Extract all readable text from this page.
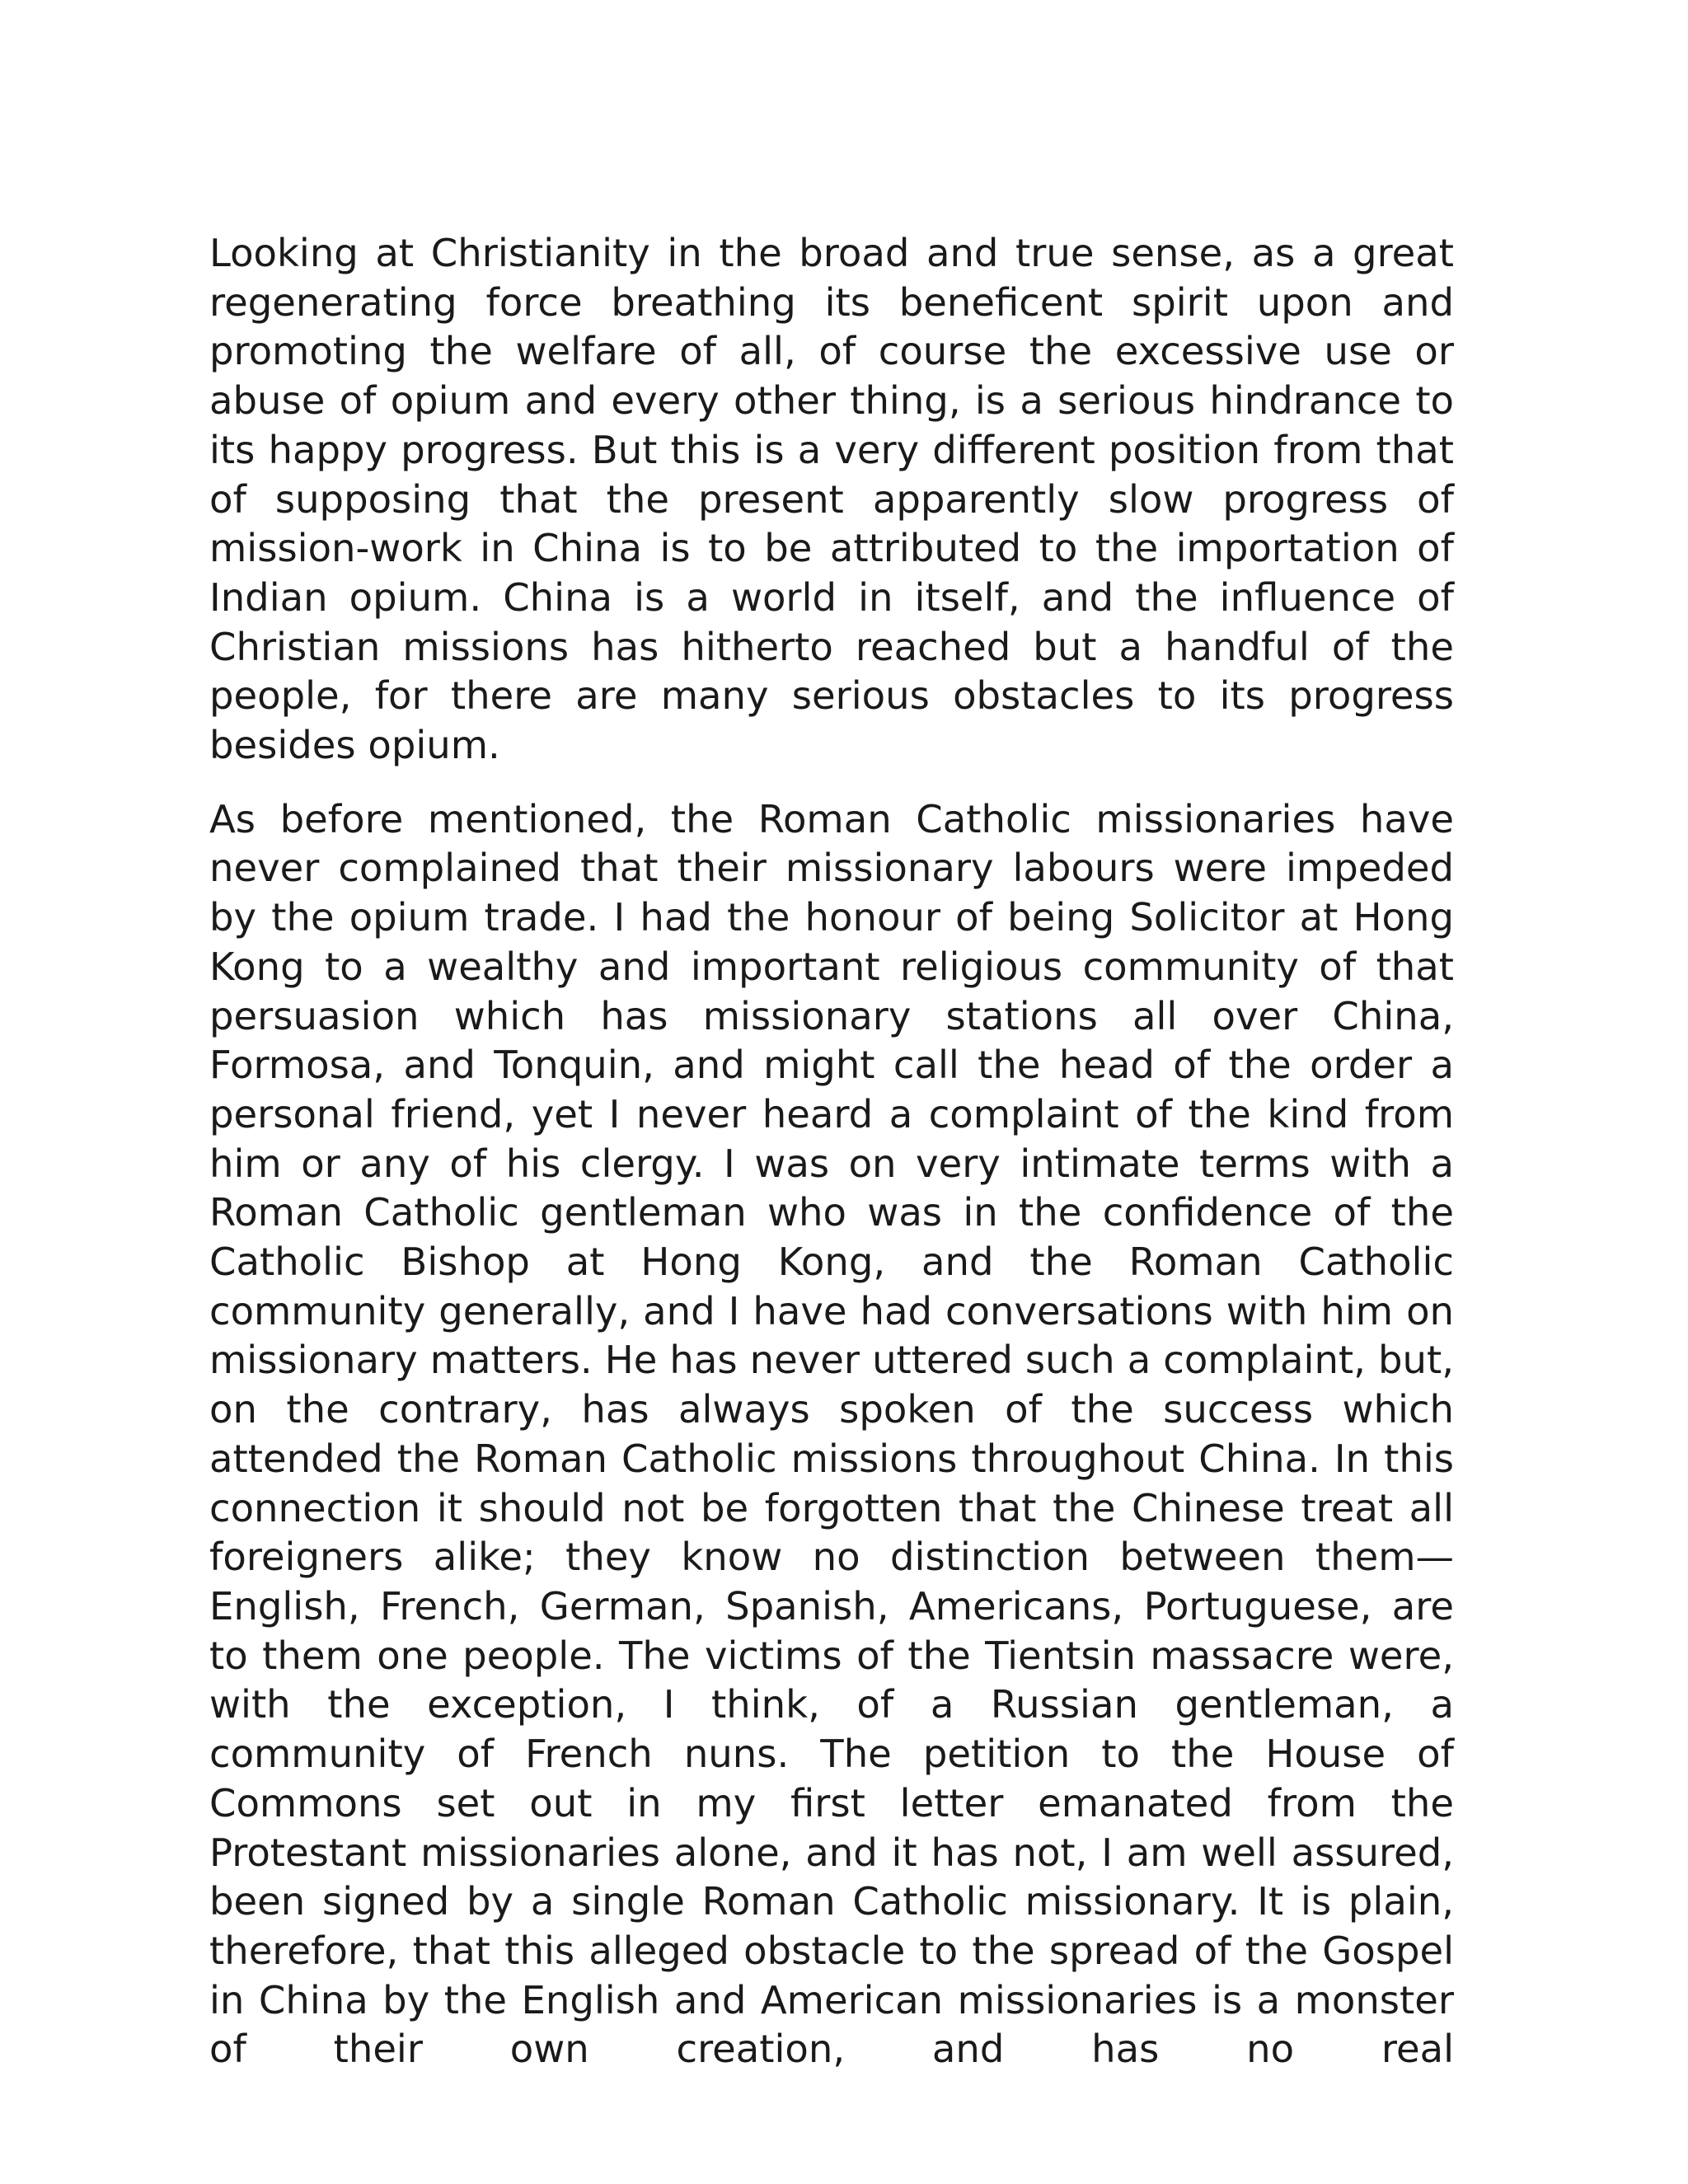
Looking at Christianity in the broad and true sense, as a great regenerating force breathing its beneficent spirit upon and promoting the welfare of all, of course the excessive use or abuse of opium and every other thing, is a serious hindrance to its happy progress. But this is a very different position from that of supposing that the present apparently slow progress of mission-work in China is to be attributed to the importation of Indian opium. China is a world in itself, and the influence of Christian missions has hitherto reached but a handful of the people, for there are many serious obstacles to its progress besides opium.

As before mentioned, the Roman Catholic missionaries have never complained that their missionary labours were impeded by the opium trade. I had the honour of being Solicitor at Hong Kong to a wealthy and important religious community of that persuasion which has missionary stations all over China, Formosa, and Tonquin, and might call the head of the order a personal friend, yet I never heard a complaint of the kind from him or any of his clergy. I was on very intimate terms with a Roman Catholic gentleman who was in the confidence of the Catholic Bishop at Hong Kong, and the Roman Catholic community generally, and I have had conversations with him on missionary matters. He has never uttered such a complaint, but, on the contrary, has always spoken of the success which attended the Roman Catholic missions throughout China. In this connection it should not be forgotten that the Chinese treat all foreigners alike; they know no distinction between them—English, French, German, Spanish, Americans, Portuguese, are to them one people. The victims of the Tientsin massacre were, with the exception, I think, of a Russian gentleman, a community of French nuns. The petition to the House of Commons set out in my first letter emanated from the Protestant missionaries alone, and it has not, I am well assured, been signed by a single Roman Catholic missionary. It is plain, therefore, that this alleged obstacle to the spread of the Gospel in China by the English and American missionaries is a monster of their own creation, and has no real
